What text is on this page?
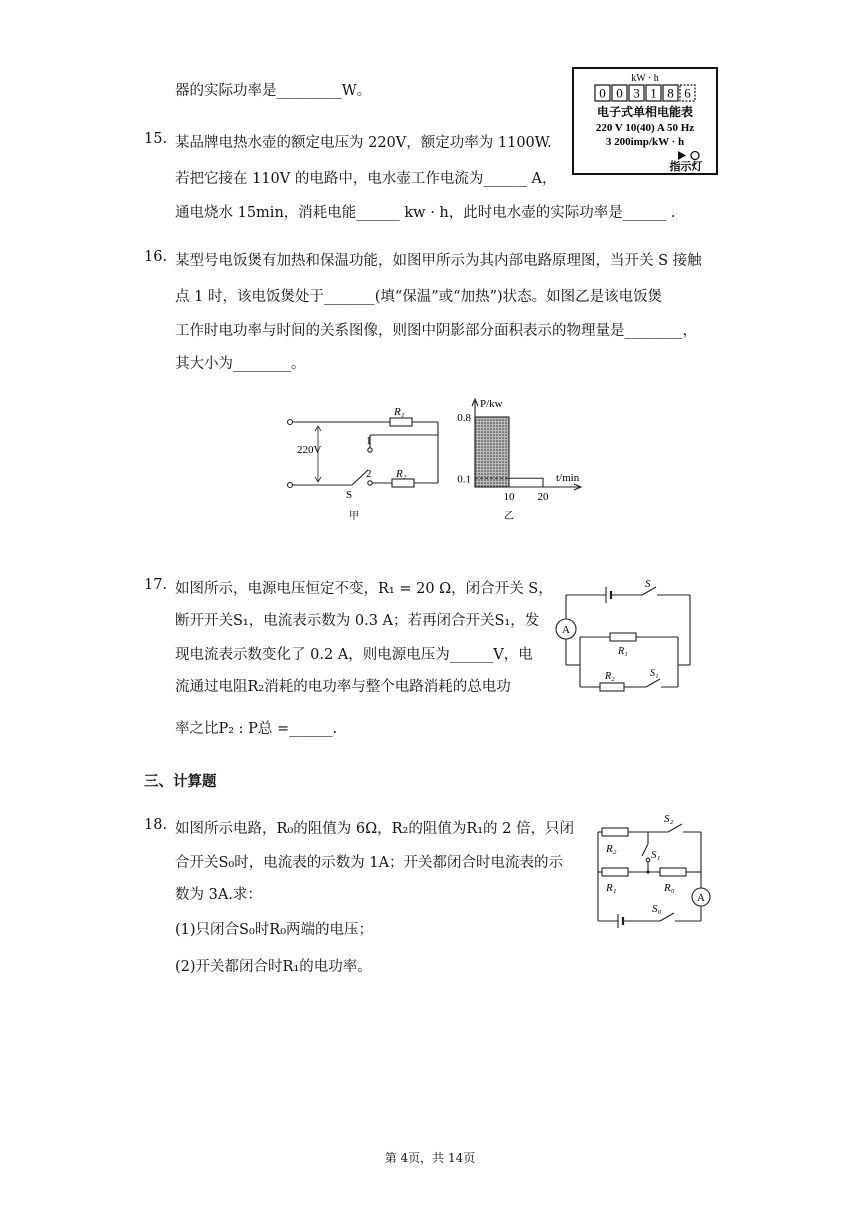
器的实际功率是_________W。
kW · h
0 0 3 1 8 6
电子式单相电能表
220 V 10(40) A 50 Hz
3 200imp/kW · h
指示灯
15. 某品牌电热水壶的额定电压为 220V，额定功率为 1100W.
若把它接在 110V 的电路中，电水壶工作电流为______ A，
通电烧水 15min，消耗电能______ kw · h，此时电水壶的实际功率是______ .
16. 某型号电饭煲有加热和保温功能，如图甲所示为其内部电路原理图，当开关 S 接触
点 1 时，该电饭煲处于_______(填“保温”或“加热”)状态。如图乙是该电饭煲
工作时电功率与时间的关系图像，则图中阴影部分面积表示的物理量是________，
其大小为________。
220V
R₁
R₂
1
2
S
甲
0.1
0.8
10 20
P/kw
t/min
乙
17. 如图所示，电源电压恒定不变，R₁ = 20 Ω，闭合开关 S，
断开开关S₁，电流表示数为 0.3 A；若再闭合开关S₁，发
现电流表示数变化了 0.2 A，则电源电压为______V，电
流通过电阻R₂消耗的电功率与整个电路消耗的总电功
率之比P₂ : P总 =______.
A
S
R₁
R₂	S₁
三、计算题
18. 如图所示电路，R₀的阻值为 6Ω，R₂的阻值为R₁的 2 倍，只闭
合开关S₀时，电流表的示数为 1A；开关都闭合时电流表的示
数为 3A.求：
(1)只闭合S₀时R₀两端的电压；
(2)开关都闭合时R₁的电功率。
R₂
S₂
S₁
R₁	R₀
A
S₀
第 4页，共 14页
